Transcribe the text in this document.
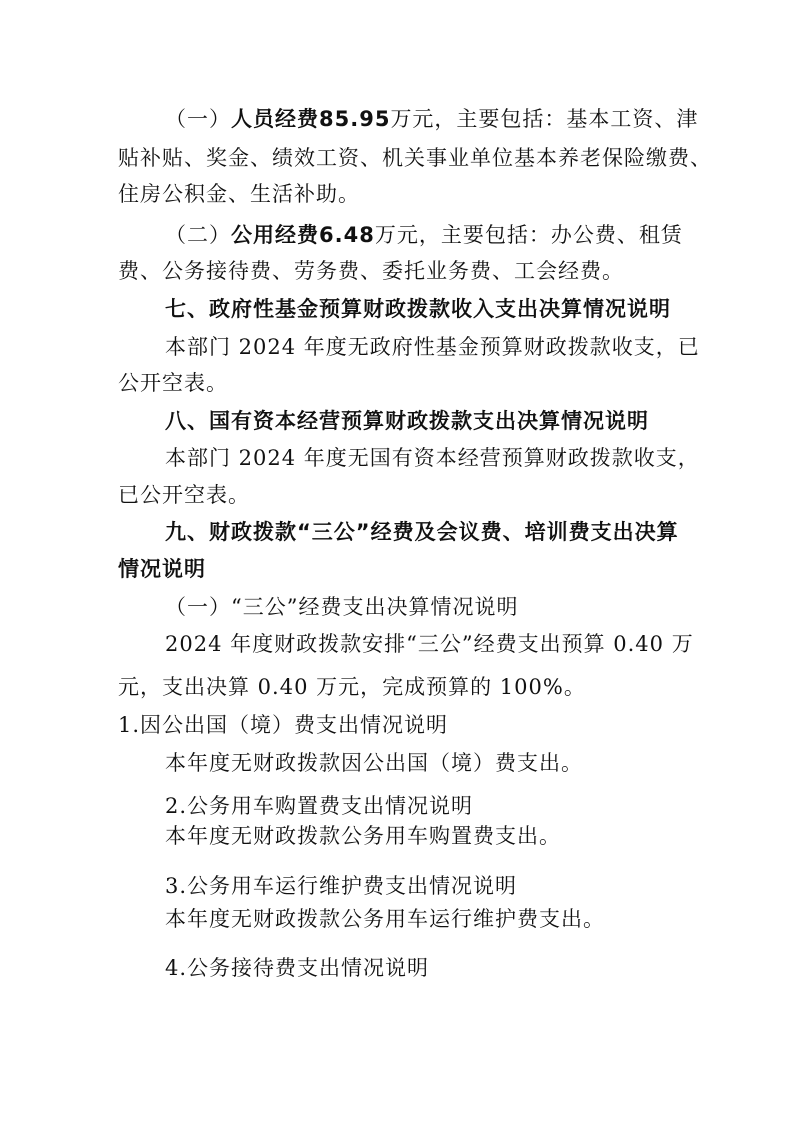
（一）人员经费85.95万元，主要包括：基本工资、津
贴补贴、奖金、绩效工资、机关事业单位基本养老保险缴费、
住房公积金、生活补助。
（二）公用经费6.48万元，主要包括：办公费、租赁
费、公务接待费、劳务费、委托业务费、工会经费。
七、政府性基金预算财政拨款收入支出决算情况说明
本部门 2024 年度无政府性基金预算财政拨款收支，已
公开空表。
八、国有资本经营预算财政拨款支出决算情况说明
本部门 2024 年度无国有资本经营预算财政拨款收支，
已公开空表。
九、财政拨款“三公”经费及会议费、培训费支出决算
情况说明
（一）“三公”经费支出决算情况说明
2024 年度财政拨款安排“三公”经费支出预算 0.40 万
元，支出决算 0.40 万元，完成预算的 100%。
1.因公出国（境）费支出情况说明
本年度无财政拨款因公出国（境）费支出。
2.公务用车购置费支出情况说明
本年度无财政拨款公务用车购置费支出。
3.公务用车运行维护费支出情况说明
本年度无财政拨款公务用车运行维护费支出。
4.公务接待费支出情况说明
